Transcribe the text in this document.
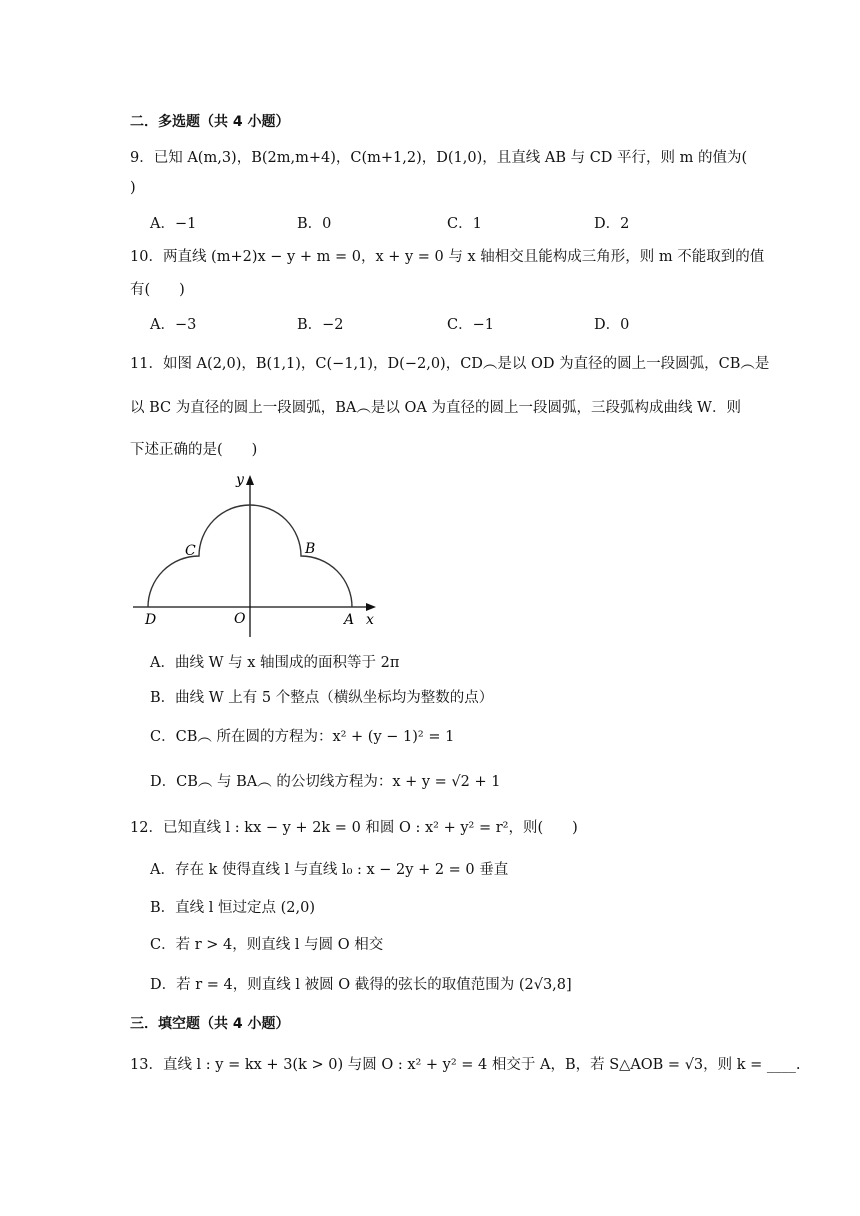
二．多选题（共 4 小题）
9．已知 A(m,3)，B(2m,m+4)，C(m+1,2)，D(1,0)，且直线 AB 与 CD 平行，则 m 的值为(
)
A．−1	B．0	C．1	D．2
10．两直线 (m+2)x − y + m = 0，x + y = 0 与 x 轴相交且能构成三角形，则 m 不能取到的值
有(　　)
A．−3	B．−2	C．−1	D．0
11．如图 A(2,0)，B(1,1)，C(−1,1)，D(−2,0)，CD︵是以 OD 为直径的圆上一段圆弧，CB︵是
以 BC 为直径的圆上一段圆弧，BA︵是以 OA 为直径的圆上一段圆弧，三段弧构成曲线 W．则
下述正确的是(　　)
y
x
O	A
B
C
D
A．曲线 W 与 x 轴围成的面积等于 2π
B．曲线 W 上有 5 个整点（横纵坐标均为整数的点）
C．CB︵ 所在圆的方程为：x² + (y − 1)² = 1
D．CB︵ 与 BA︵ 的公切线方程为：x + y = √2 + 1
12．已知直线 l : kx − y + 2k = 0 和圆 O : x² + y² = r²，则(　　)
A．存在 k 使得直线 l 与直线 l₀ : x − 2y + 2 = 0 垂直
B．直线 l 恒过定点 (2,0)
C．若 r > 4，则直线 l 与圆 O 相交
D．若 r = 4，则直线 l 被圆 O 截得的弦长的取值范围为 (2√3,8]
三．填空题（共 4 小题）
13．直线 l : y = kx + 3(k > 0) 与圆 O : x² + y² = 4 相交于 A，B，若 S△AOB = √3，则 k = ____.
